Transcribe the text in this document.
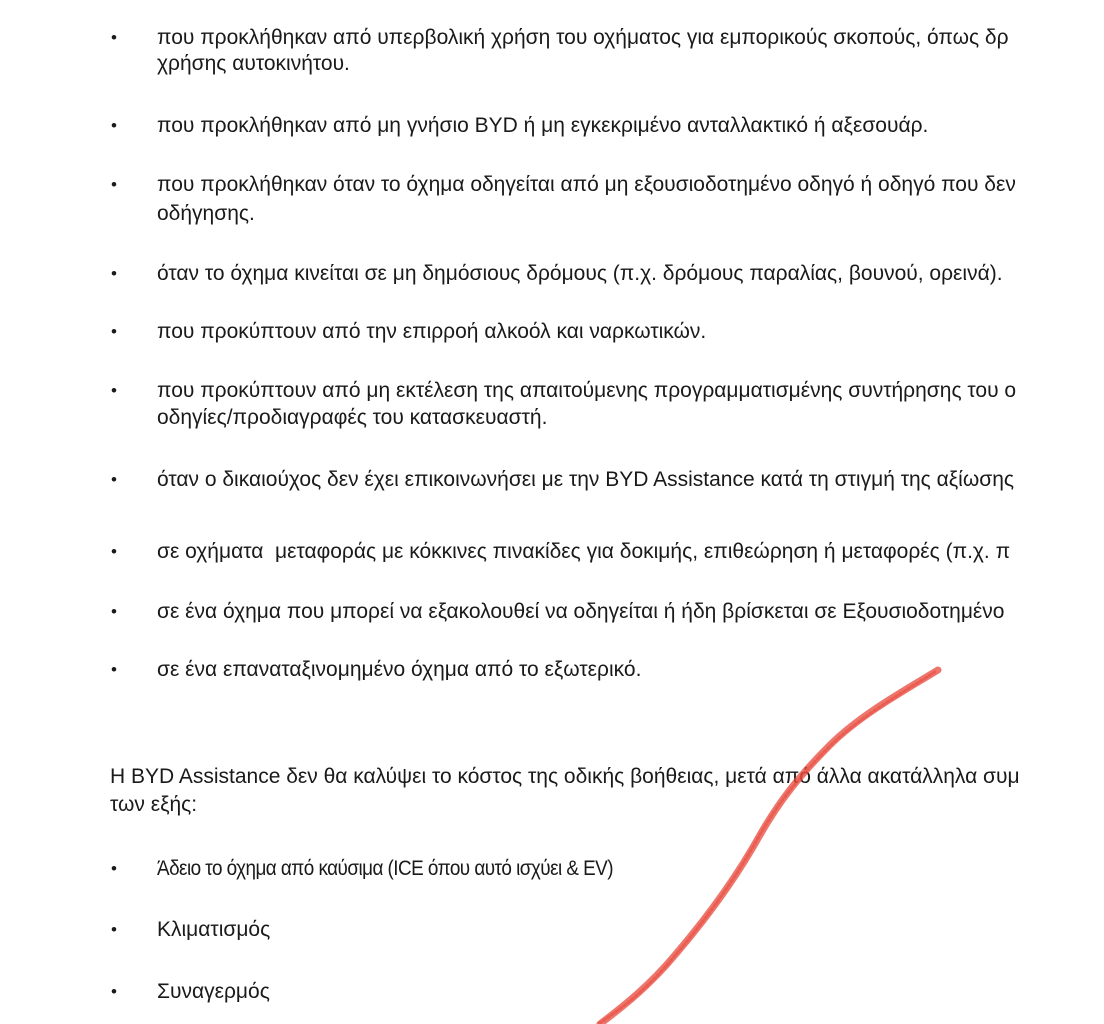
• που προκλήθηκαν από υπερβολική χρήση του οχήματος για εμπορικούς σκοπούς, όπως δρ
χρήσης αυτοκινήτου.
• που προκλήθηκαν από μη γνήσιο BYD ή μη εγκεκριμένο ανταλλακτικό ή αξεσουάρ.
• που προκλήθηκαν όταν το όχημα οδηγείται από μη εξουσιοδοτημένο οδηγό ή οδηγό που δεν
οδήγησης.
• όταν το όχημα κινείται σε μη δημόσιους δρόμους (π.χ. δρόμους παραλίας, βουνού, ορεινά).
• που προκύπτουν από την επιρροή αλκοόλ και ναρκωτικών.
• που προκύπτουν από μη εκτέλεση της απαιτούμενης προγραμματισμένης συντήρησης του ο
οδηγίες/προδιαγραφές του κατασκευαστή.
• όταν ο δικαιούχος δεν έχει επικοινωνήσει με την BYD Assistance κατά τη στιγμή της αξίωσης
• σε οχήματα  μεταφοράς με κόκκινες πινακίδες για δοκιμής, επιθεώρηση ή μεταφορές (π.χ. π
• σε ένα όχημα που μπορεί να εξακολουθεί να οδηγείται ή ήδη βρίσκεται σε Εξουσιοδοτημένο
• σε ένα επαναταξινομημένο όχημα από το εξωτερικό.
Η BYD Assistance δεν θα καλύψει το κόστος της οδικής βοήθειας, μετά από άλλα ακατάλληλα συμ
των εξής:
• Άδειο το όχημα από καύσιμα (ICE όπου αυτό ισχύει & EV)
• Κλιματισμός
• Συναγερμός
